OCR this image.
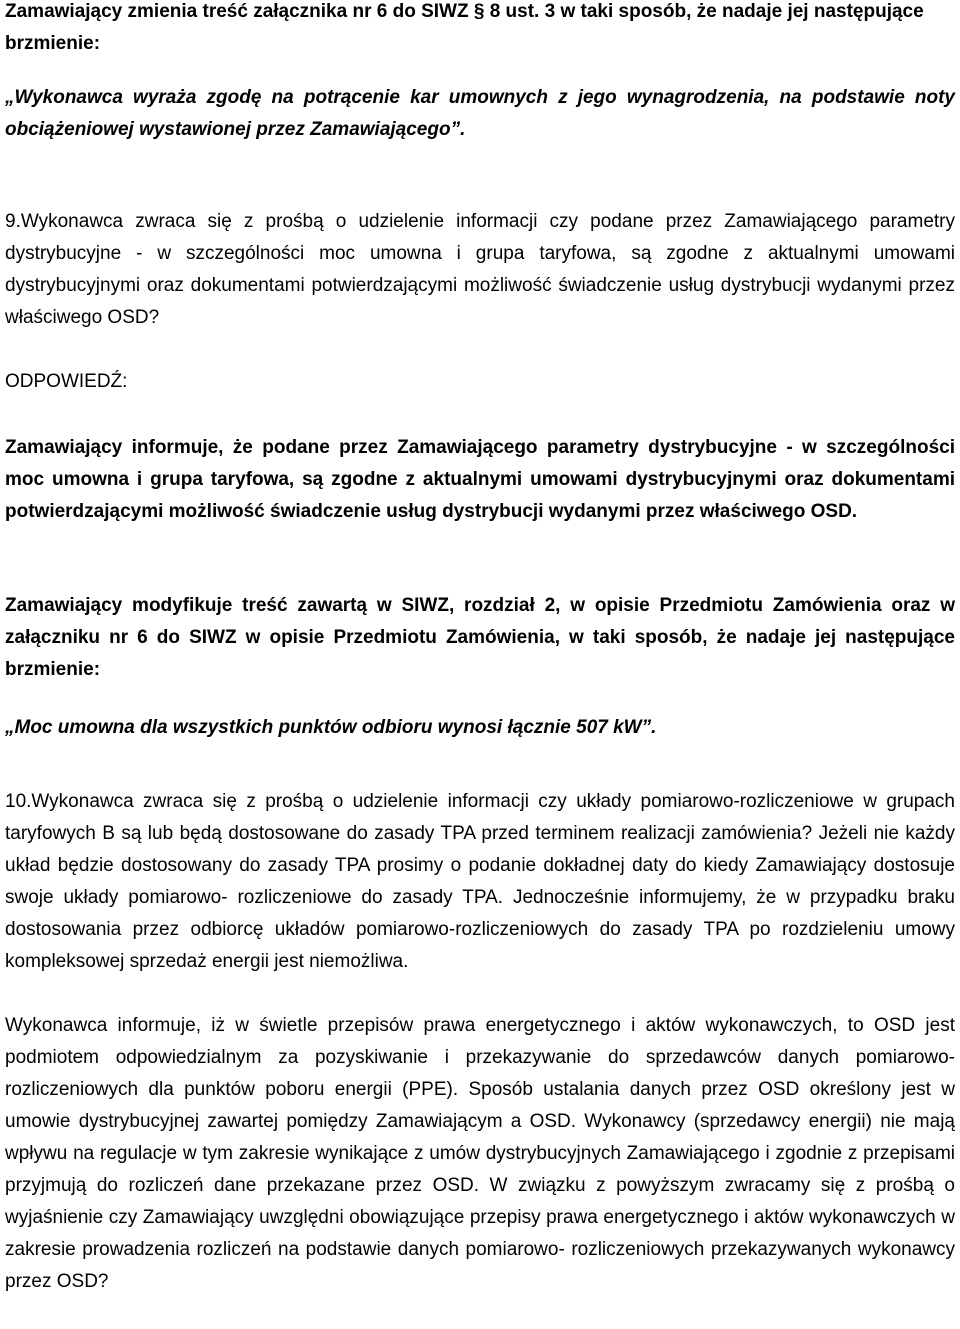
Zamawiający zmienia treść załącznika nr 6 do SIWZ § 8 ust. 3 w taki sposób, że nadaje jej następujące brzmienie:

„Wykonawca wyraża zgodę na potrącenie kar umownych z jego wynagrodzenia, na podstawie noty obciążeniowej wystawionej przez Zamawiającego”.

9.Wykonawca zwraca się z prośbą o udzielenie informacji czy podane przez Zamawiającego parametry dystrybucyjne - w szczególności moc umowna i grupa taryfowa, są zgodne z aktualnymi umowami dystrybucyjnymi oraz dokumentami potwierdzającymi możliwość świadczenie usług dystrybucji wydanymi przez właściwego OSD?

ODPOWIEDŹ:

Zamawiający informuje, że podane przez Zamawiającego parametry dystrybucyjne - w szczególności moc umowna i grupa taryfowa, są zgodne z aktualnymi umowami dystrybucyjnymi oraz dokumentami potwierdzającymi możliwość świadczenie usług dystrybucji wydanymi przez właściwego OSD.

Zamawiający modyfikuje treść zawartą w SIWZ, rozdział 2, w opisie Przedmiotu Zamówienia oraz w załączniku nr 6 do SIWZ w opisie Przedmiotu Zamówienia, w taki sposób, że nadaje jej następujące brzmienie:

„Moc umowna dla wszystkich punktów odbioru wynosi łącznie 507 kW”.

10.Wykonawca zwraca się z prośbą o udzielenie informacji czy układy pomiarowo-rozliczeniowe w grupach taryfowych B są lub będą dostosowane do zasady TPA przed terminem realizacji zamówienia? Jeżeli nie każdy układ będzie dostosowany do zasady TPA prosimy o podanie dokładnej daty do kiedy Zamawiający dostosuje swoje układy pomiarowo- rozliczeniowe do zasady TPA. Jednocześnie informujemy, że w przypadku braku dostosowania przez odbiorcę układów pomiarowo-rozliczeniowych do zasady TPA po rozdzieleniu umowy kompleksowej sprzedaż energii jest niemożliwa.

Wykonawca informuje, iż w świetle przepisów prawa energetycznego i aktów wykonawczych, to OSD jest podmiotem odpowiedzialnym za pozyskiwanie i przekazywanie do sprzedawców danych pomiarowo- rozliczeniowych dla punktów poboru energii (PPE). Sposób ustalania danych przez OSD określony jest w umowie dystrybucyjnej zawartej pomiędzy Zamawiającym a OSD. Wykonawcy (sprzedawcy energii) nie mają wpływu na regulacje w tym zakresie wynikające z umów dystrybucyjnych Zamawiającego i zgodnie z przepisami przyjmują do rozliczeń dane przekazane przez OSD. W związku z powyższym zwracamy się z prośbą o wyjaśnienie czy Zamawiający uwzględni obowiązujące przepisy prawa energetycznego i aktów wykonawczych w zakresie prowadzenia rozliczeń na podstawie danych pomiarowo- rozliczeniowych przekazywanych wykonawcy przez OSD?
